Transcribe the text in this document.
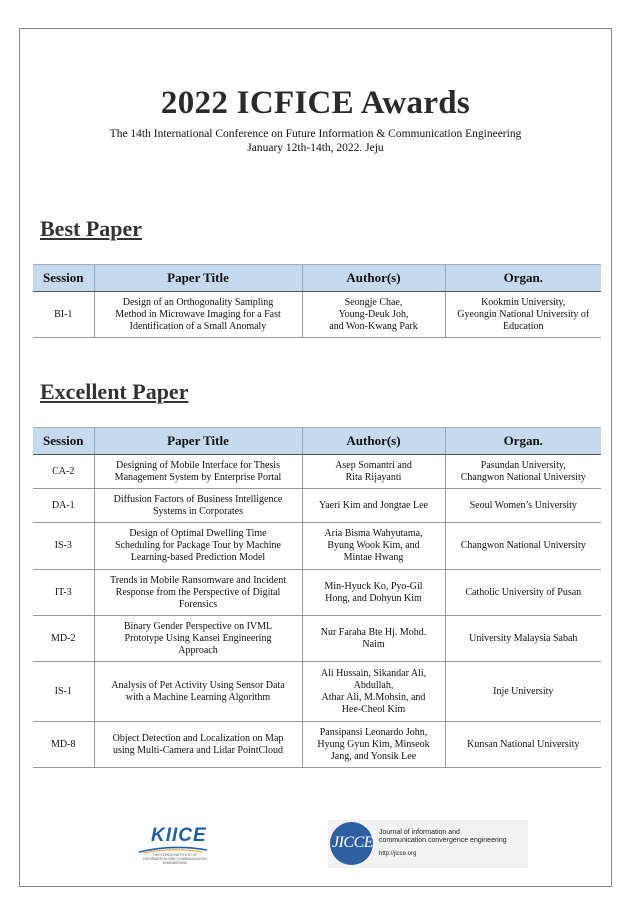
2022 ICFICE Awards
The 14th International Conference on Future Information & Communication Engineering
January 12th-14th, 2022. Jeju
Best Paper
Session	Paper Title	Author(s)	Organ.
BI-1	Design of an Orthogonality Sampling
Method in Microwave Imaging for a Fast
Identification of a Small Anomaly	Seongje Chae,
Young-Deuk Joh,
and Won-Kwang Park	Kookmin University,
Gyeongin National University of
Education
Excellent Paper
Session	Paper Title	Author(s)	Organ.
CA-2	Designing of Mobile Interface for Thesis
Management System by Enterprise Portal	Asep Somantri and
Rita Rijayanti	Pasundan University,
Changwon National University
DA-1	Diffusion Factors of Business Intelligence
Systems in Corporates	Yaeri Kim and Jongtae Lee	Seoul Women’s University
IS-3	Design of Optimal Dwelling Time
Scheduling for Package Tour by Machine
Learning-based Prediction Model	Aria Bisma Wahyutama,
Byung Wook Kim, and
Mintae Hwang	Changwon National University
IT-3	Trends in Mobile Ransomware and Incident
Response from the Perspective of Digital
Forensics	Min-Hyuck Ko, Pyo-Gil
Hong, and Dohyun Kim	Catholic University of Pusan
MD-2	Binary Gender Perspective on IVML
Prototype Using Kansei Engineering
Approach	Nur Faraha Bte Hj. Mohd.
Naim	University Malaysia Sabah
IS-1	Analysis of Pet Activity Using Sensor Data
with a Machine Learning Algorithm	Ali Hussain, Sikandar Ali,
Abdullah,
Athar Ali, M.Mohsin, and
Hee-Cheol Kim	Inje University
MD-8	Object Detection and Localization on Map
using Multi-Camera and Lidar PointCloud	Pansipansi Leonardo John,
Hyung Gyun Kim, Minseok
Jang, and Yonsik Lee	Kunsan National University
KIICE
THE KOREA INSTITUTE OF INFORMATION AND COMMUNICATION ENGINEERING
JICCE
Journal of information and
communication convergence engineering
http://jicce.org
